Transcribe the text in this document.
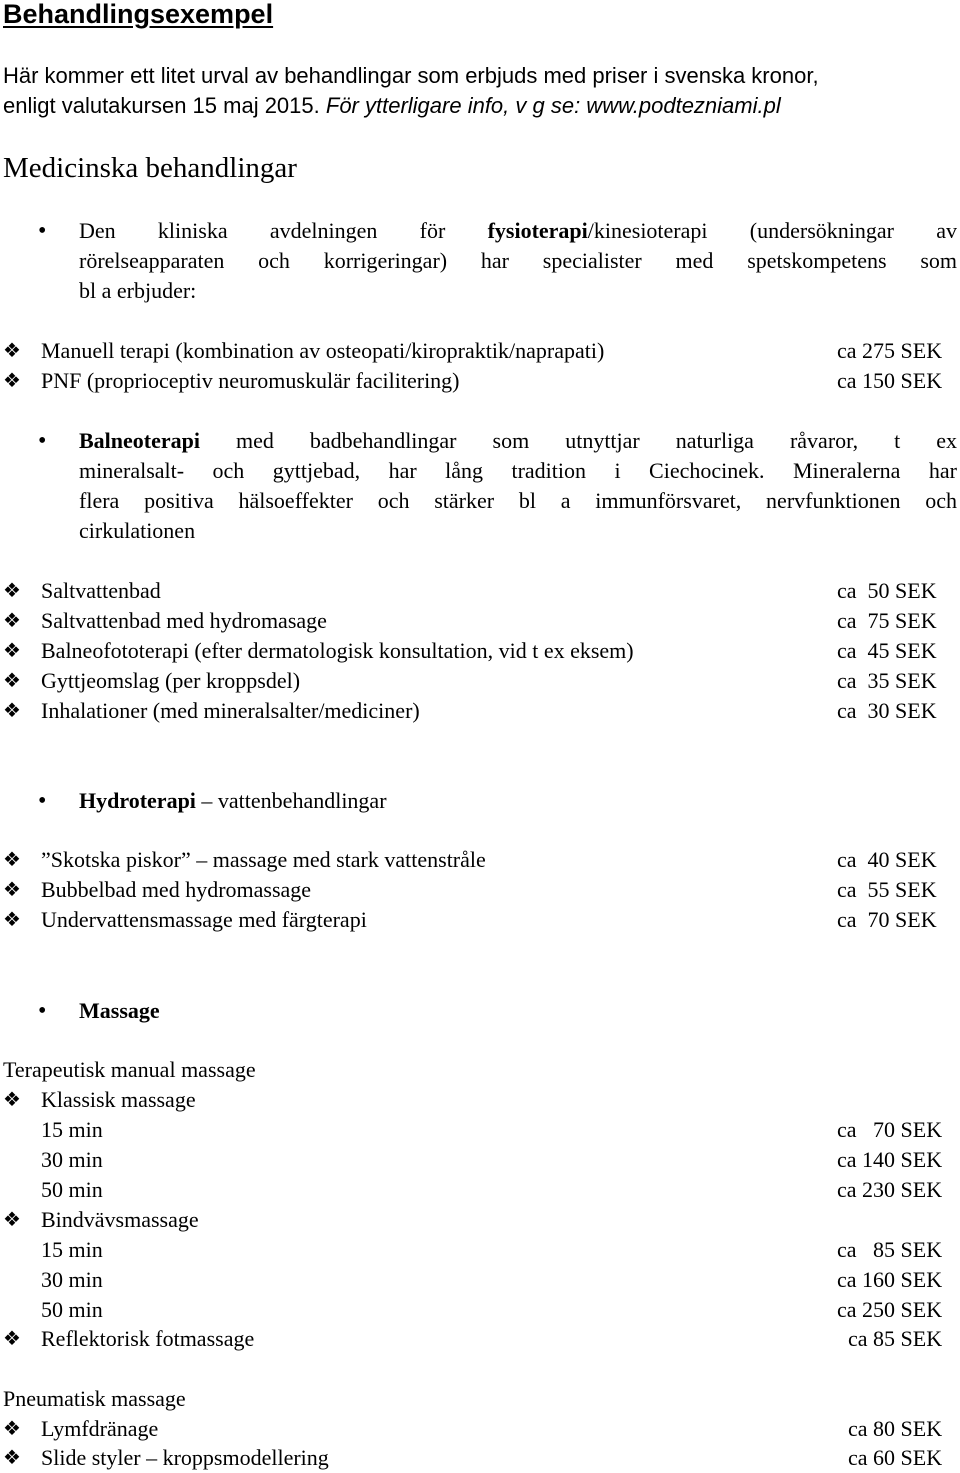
Behandlingsexempel
Här kommer ett litet urval av behandlingar som erbjuds med priser i svenska kronor,
enligt valutakursen 15 maj 2015. För ytterligare info, v g se: www.podtezniami.pl
Medicinska behandlingar
• Den kliniska avdelningen för fysioterapi/kinesioterapi (undersökningar av
rörelseapparaten och korrigeringar) har specialister med spetskompetens som
bl a erbjuder:
❖ Manuell terapi (kombination av osteopati/kiropraktik/naprapati)	ca 275 SEK
❖ PNF (proprioceptiv neuromuskulär facilitering)	ca 150 SEK
• Balneoterapi med badbehandlingar som utnyttjar naturliga råvaror, t ex
mineralsalt- och gyttjebad, har lång tradition i Ciechocinek. Mineralerna har
flera positiva hälsoeffekter och stärker bl a immunförsvaret, nervfunktionen och
cirkulationen
❖ Saltvattenbad	ca  50 SEK
❖ Saltvattenbad med hydromasage	ca  75 SEK
❖ Balneofototerapi (efter dermatologisk konsultation, vid t ex eksem)	ca  45 SEK
❖ Gyttjeomslag (per kroppsdel)	ca  35 SEK
❖ Inhalationer (med mineralsalter/mediciner)	ca  30 SEK
• Hydroterapi – vattenbehandlingar
❖ ”Skotska piskor” – massage med stark vattenstråle	ca  40 SEK
❖ Bubbelbad med hydromassage	ca  55 SEK
❖ Undervattensmassage med färgterapi	ca  70 SEK
• Massage
Terapeutisk manual massage
❖ Klassisk massage
15 min	ca   70 SEK
30 min	ca 140 SEK
50 min	ca 230 SEK
❖ Bindvävsmassage
15 min	ca   85 SEK
30 min	ca 160 SEK
50 min	ca 250 SEK
❖ Reflektorisk fotmassage	ca 85 SEK
Pneumatisk massage
❖ Lymfdränage	ca 80 SEK
❖ Slide styler – kroppsmodellering	ca 60 SEK
